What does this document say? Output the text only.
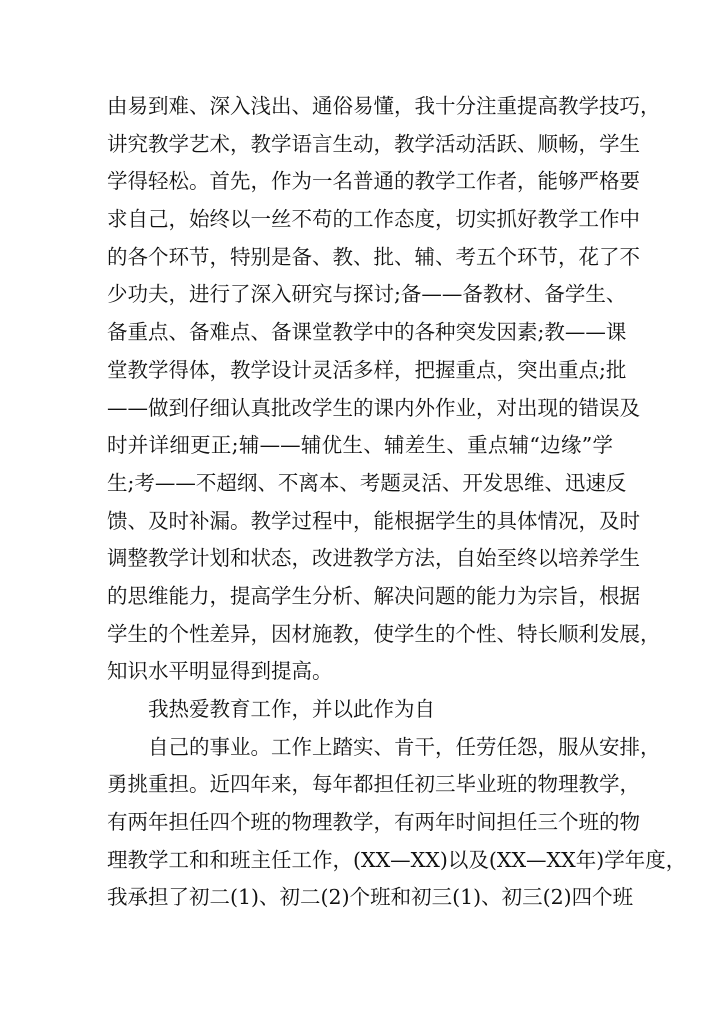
由易到难、深入浅出、通俗易懂，我十分注重提高教学技巧，
讲究教学艺术，教学语言生动，教学活动活跃、顺畅，学生
学得轻松。首先，作为一名普通的教学工作者，能够严格要
求自己，始终以一丝不苟的工作态度，切实抓好教学工作中
的各个环节，特别是备、教、批、辅、考五个环节，花了不
少功夫，进行了深入研究与探讨;备——备教材、备学生、
备重点、备难点、备课堂教学中的各种突发因素;教——课
堂教学得体，教学设计灵活多样，把握重点，突出重点;批
——做到仔细认真批改学生的课内外作业，对出现的错误及
时并详细更正;辅——辅优生、辅差生、重点辅“边缘”学
生;考——不超纲、不离本、考题灵活、开发思维、迅速反
馈、及时补漏。教学过程中，能根据学生的具体情况，及时
调整教学计划和状态，改进教学方法，自始至终以培养学生
的思维能力，提高学生分析、解决问题的能力为宗旨，根据
学生的个性差异，因材施教，使学生的个性、特长顺利发展，
知识水平明显得到提高。
我热爱教育工作，并以此作为自
自己的事业。工作上踏实、肯干，任劳任怨，服从安排，
勇挑重担。近四年来，每年都担任初三毕业班的物理教学，
有两年担任四个班的物理教学，有两年时间担任三个班的物
理教学工和和班主任工作，(XX—XX)以及(XX—XX年)学年度，
我承担了初二(1)、初二(2)个班和初三(1)、初三(2)四个班
